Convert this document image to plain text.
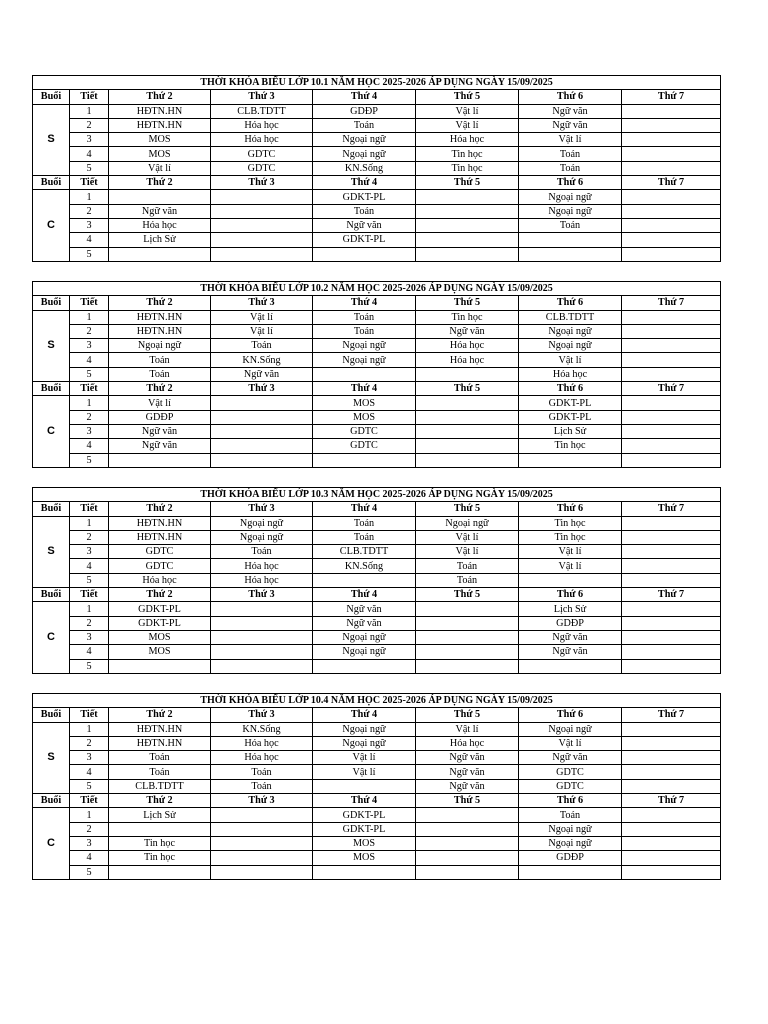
THỜI KHÓA BIỂU LỚP 10.1 NĂM HỌC 2025-2026 ÁP DỤNG NGÀY 15/09/2025							
Buổi	Tiết	Thứ 2	Thứ 3	Thứ 4	Thứ 5	Thứ 6	Thứ 7
S	1	HĐTN.HN	CLB.TDTT	GDĐP	Vật lí	Ngữ văn	
	2	HĐTN.HN	Hóa học	Toán	Vật lí	Ngữ văn	
	3	MOS	Hóa học	Ngoại ngữ	Hóa học	Vật lí	
	4	MOS	GDTC	Ngoại ngữ	Tin học	Toán	
	5	Vật lí	GDTC	KN.Sống	Tin học	Toán	
Buổi	Tiết	Thứ 2	Thứ 3	Thứ 4	Thứ 5	Thứ 6	Thứ 7
C	1			GDKT-PL		Ngoại ngữ	
	2	Ngữ văn		Toán		Ngoại ngữ	
	3	Hóa học		Ngữ văn		Toán	
	4	Lịch Sử		GDKT-PL			
	5						
THỜI KHÓA BIỂU LỚP 10.2 NĂM HỌC 2025-2026 ÁP DỤNG NGÀY 15/09/2025							
Buổi	Tiết	Thứ 2	Thứ 3	Thứ 4	Thứ 5	Thứ 6	Thứ 7
S	1	HĐTN.HN	Vật lí	Toán	Tin học	CLB.TDTT	
	2	HĐTN.HN	Vật lí	Toán	Ngữ văn	Ngoại ngữ	
	3	Ngoại ngữ	Toán	Ngoại ngữ	Hóa học	Ngoại ngữ	
	4	Toán	KN.Sống	Ngoại ngữ	Hóa học	Vật lí	
	5	Toán	Ngữ văn			Hóa học	
Buổi	Tiết	Thứ 2	Thứ 3	Thứ 4	Thứ 5	Thứ 6	Thứ 7
C	1	Vật lí		MOS		GDKT-PL	
	2	GDĐP		MOS		GDKT-PL	
	3	Ngữ văn		GDTC		Lịch Sử	
	4	Ngữ văn		GDTC		Tin học	
	5						
THỜI KHÓA BIỂU LỚP 10.3 NĂM HỌC 2025-2026 ÁP DỤNG NGÀY 15/09/2025							
Buổi	Tiết	Thứ 2	Thứ 3	Thứ 4	Thứ 5	Thứ 6	Thứ 7
S	1	HĐTN.HN	Ngoại ngữ	Toán	Ngoại ngữ	Tin học	
	2	HĐTN.HN	Ngoại ngữ	Toán	Vật lí	Tin học	
	3	GDTC	Toán	CLB.TDTT	Vật lí	Vật lí	
	4	GDTC	Hóa học	KN.Sống	Toán	Vật lí	
	5	Hóa học	Hóa học		Toán		
Buổi	Tiết	Thứ 2	Thứ 3	Thứ 4	Thứ 5	Thứ 6	Thứ 7
C	1	GDKT-PL		Ngữ văn		Lịch Sử	
	2	GDKT-PL		Ngữ văn		GDĐP	
	3	MOS		Ngoại ngữ		Ngữ văn	
	4	MOS		Ngoại ngữ		Ngữ văn	
	5						
THỜI KHÓA BIỂU LỚP 10.4 NĂM HỌC 2025-2026 ÁP DỤNG NGÀY 15/09/2025							
Buổi	Tiết	Thứ 2	Thứ 3	Thứ 4	Thứ 5	Thứ 6	Thứ 7
S	1	HĐTN.HN	KN.Sống	Ngoại ngữ	Vật lí	Ngoại ngữ	
	2	HĐTN.HN	Hóa học	Ngoại ngữ	Hóa học	Vật lí	
	3	Toán	Hóa học	Vật lí	Ngữ văn	Ngữ văn	
	4	Toán	Toán	Vật lí	Ngữ văn	GDTC	
	5	CLB.TDTT	Toán		Ngữ văn	GDTC	
Buổi	Tiết	Thứ 2	Thứ 3	Thứ 4	Thứ 5	Thứ 6	Thứ 7
C	1	Lịch Sử		GDKT-PL		Toán	
	2			GDKT-PL		Ngoại ngữ	
	3	Tin học		MOS		Ngoại ngữ	
	4	Tin học		MOS		GDĐP	
	5						
